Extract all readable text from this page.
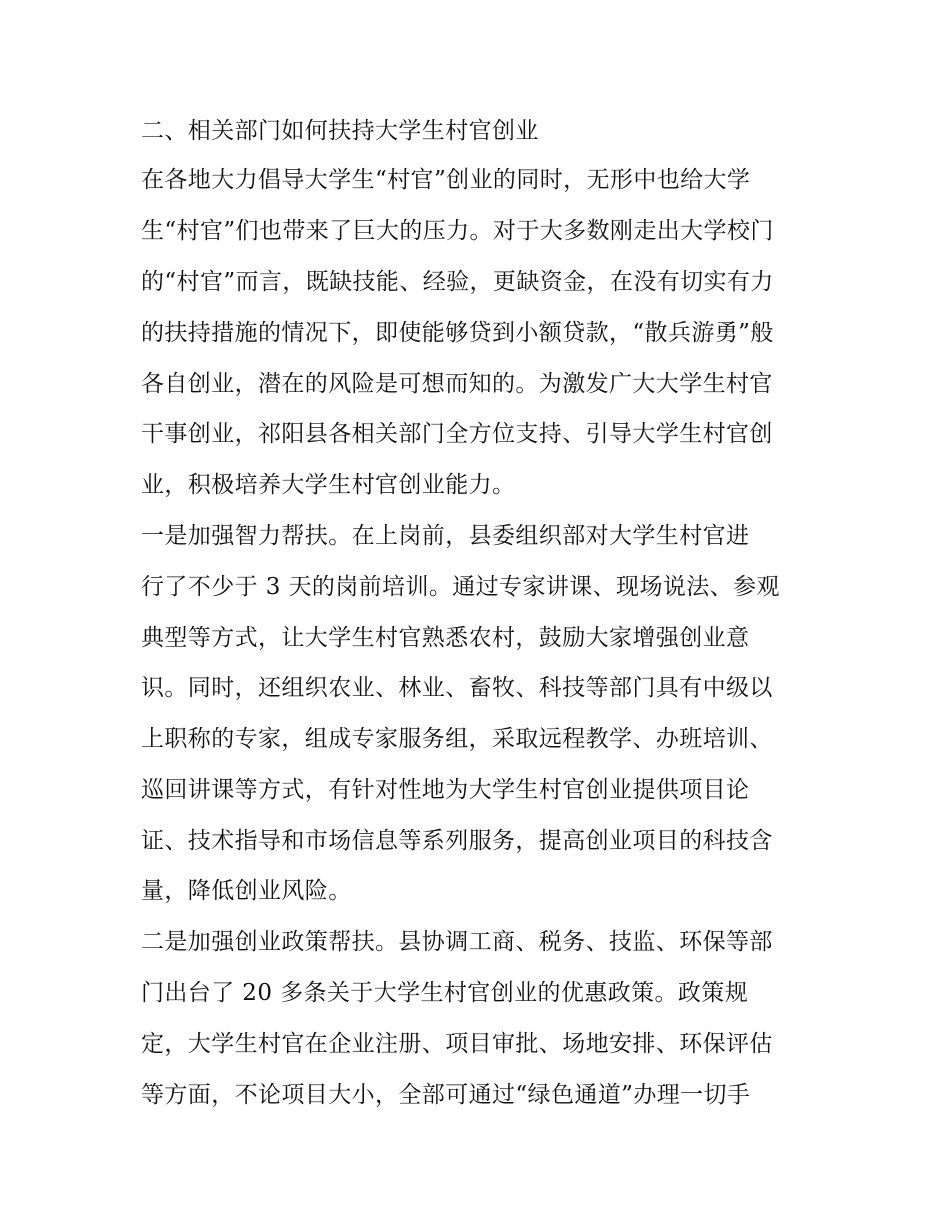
二、相关部门如何扶持大学生村官创业
在各地大力倡导大学生“村官”创业的同时，无形中也给大学
生“村官”们也带来了巨大的压力。对于大多数刚走出大学校门
的“村官”而言，既缺技能、经验，更缺资金，在没有切实有力
的扶持措施的情况下，即使能够贷到小额贷款，“散兵游勇”般
各自创业，潜在的风险是可想而知的。为激发广大大学生村官
干事创业，祁阳县各相关部门全方位支持、引导大学生村官创
业，积极培养大学生村官创业能力。
一是加强智力帮扶。在上岗前，县委组织部对大学生村官进
行了不少于 3 天的岗前培训。通过专家讲课、现场说法、参观
典型等方式，让大学生村官熟悉农村，鼓励大家增强创业意
识。同时，还组织农业、林业、畜牧、科技等部门具有中级以
上职称的专家，组成专家服务组，采取远程教学、办班培训、
巡回讲课等方式，有针对性地为大学生村官创业提供项目论
证、技术指导和市场信息等系列服务，提高创业项目的科技含
量，降低创业风险。
二是加强创业政策帮扶。县协调工商、税务、技监、环保等部
门出台了 20 多条关于大学生村官创业的优惠政策。政策规
定，大学生村官在企业注册、项目审批、场地安排、环保评估
等方面，不论项目大小，全部可通过“绿色通道”办理一切手
